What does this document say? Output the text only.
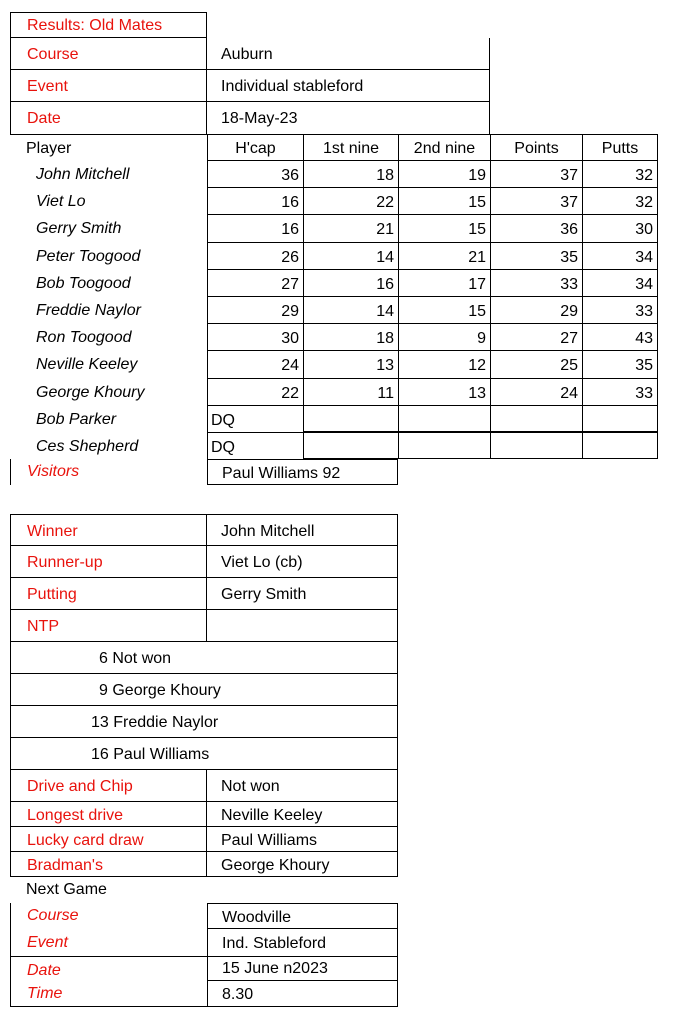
Results: Old Mates
Course	Auburn
Event	Individual stableford
Date	18-May-23
Player	H'cap	1st nine	2nd nine	Points	Putts
John Mitchell	36	18	19	37	32
Viet Lo	16	22	15	37	32
Gerry Smith	16	21	15	36	30
Peter Toogood	26	14	21	35	34
Bob Toogood	27	16	17	33	34
Freddie Naylor	29	14	15	29	33
Ron Toogood	30	18	9	27	43
Neville Keeley	24	13	12	25	35
George Khoury	22	11	13	24	33
Bob Parker	DQ
Ces Shepherd	DQ
Visitors	Paul Williams 92
Winner	John Mitchell
Runner-up	Viet Lo (cb)
Putting	Gerry Smith
NTP
6 Not won
9 George Khoury
13 Freddie Naylor
16 Paul Williams
Drive and Chip	Not won
Longest drive	Neville Keeley
Lucky card draw	Paul Williams
Bradman's	George Khoury
Next Game
Course	Woodville
Event	Ind. Stableford
Date	15 June n2023
Time	8.30
